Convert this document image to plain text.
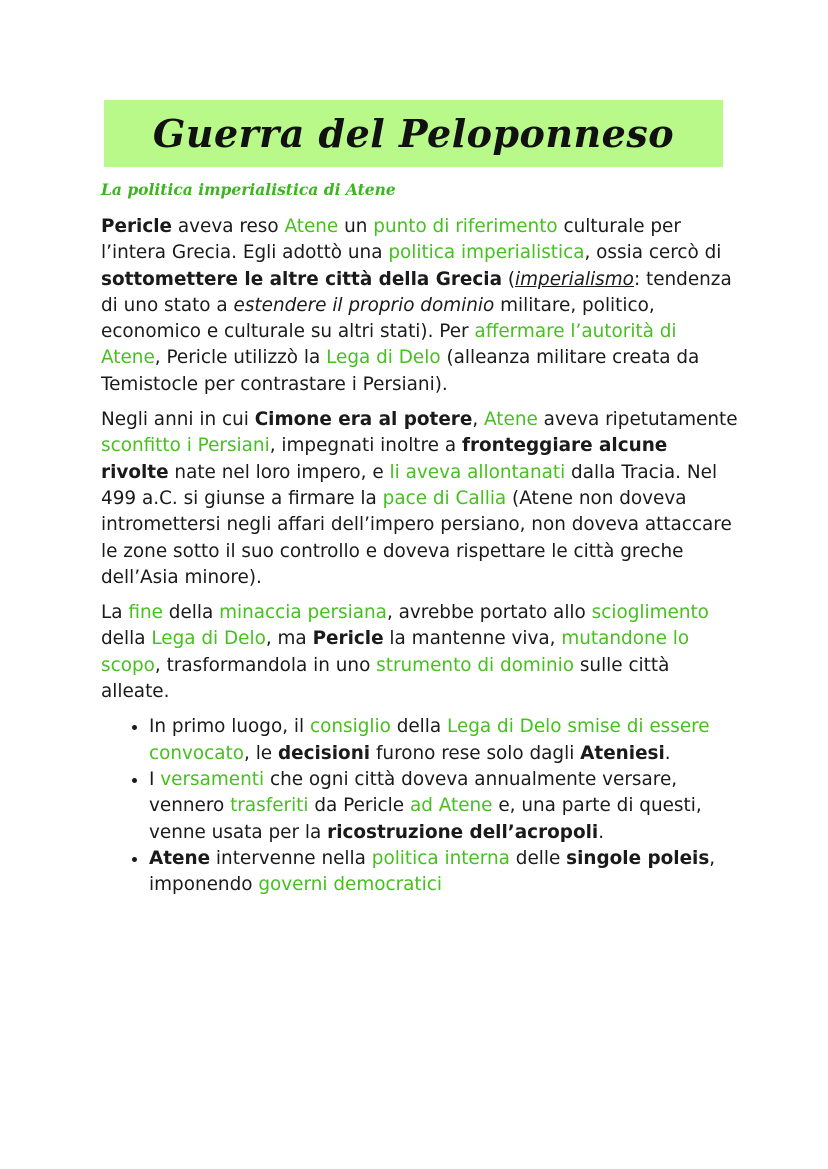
Guerra del Peloponneso
La politica imperialistica di Atene

Pericle aveva reso Atene un punto di riferimento culturale per l’intera Grecia. Egli adottò una politica imperialistica, ossia cercò di sottomettere le altre città della Grecia (imperialismo: tendenza di uno stato a estendere il proprio dominio militare, politico, economico e culturale su altri stati). Per affermare l’autorità di Atene, Pericle utilizzò la Lega di Delo (alleanza militare creata da Temistocle per contrastare i Persiani).

Negli anni in cui Cimone era al potere, Atene aveva ripetutamente sconfitto i Persiani, impegnati inoltre a fronteggiare alcune rivolte nate nel loro impero, e li aveva allontanati dalla Tracia. Nel 499 a.C. si giunse a firmare la pace di Callia (Atene non doveva intromettersi negli affari dell’impero persiano, non doveva attaccare le zone sotto il suo controllo e doveva rispettare le città greche dell’Asia minore).

La fine della minaccia persiana, avrebbe portato allo scioglimento della Lega di Delo, ma Pericle la mantenne viva, mutandone lo scopo, trasformandola in uno strumento di dominio sulle città alleate.

• In primo luogo, il consiglio della Lega di Delo smise di essere convocato, le decisioni furono rese solo dagli Ateniesi.
• I versamenti che ogni città doveva annualmente versare, vennero trasferiti da Pericle ad Atene e, una parte di questi, venne usata per la ricostruzione dell’acropoli.
• Atene intervenne nella politica interna delle singole poleis, imponendo governi democratici
